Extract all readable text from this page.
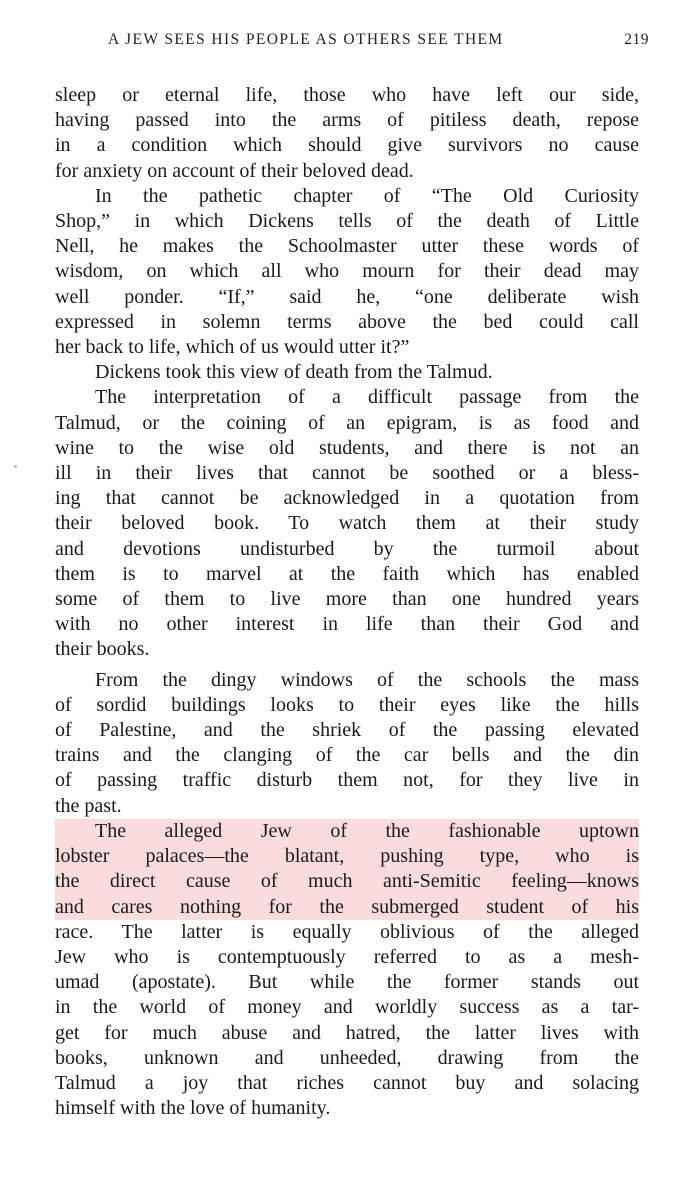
A JEW SEES HIS PEOPLE AS OTHERS SEE THEM	219

sleep or eternal life, those who have left our side,
having passed into the arms of pitiless death, repose
in a condition which should give survivors no cause
for anxiety on account of their beloved dead.

In the pathetic chapter of “The Old Curiosity
Shop,” in which Dickens tells of the death of Little
Nell, he makes the Schoolmaster utter these words of
wisdom, on which all who mourn for their dead may
well ponder. “If,” said he, “one deliberate wish
expressed in solemn terms above the bed could call
her back to life, which of us would utter it?”

Dickens took this view of death from the Talmud.

The interpretation of a difficult passage from the
Talmud, or the coining of an epigram, is as food and
wine to the wise old students, and there is not an
ill in their lives that cannot be soothed or a bless-
ing that cannot be acknowledged in a quotation from
their beloved book. To watch them at their study
and devotions undisturbed by the turmoil about
them is to marvel at the faith which has enabled
some of them to live more than one hundred years
with no other interest in life than their God and
their books.

From the dingy windows of the schools the mass
of sordid buildings looks to their eyes like the hills
of Palestine, and the shriek of the passing elevated
trains and the clanging of the car bells and the din
of passing traffic disturb them not, for they live in
the past.

The alleged Jew of the fashionable uptown
lobster palaces—the blatant, pushing type, who is
the direct cause of much anti-Semitic feeling—knows
and cares nothing for the submerged student of his
race. The latter is equally oblivious of the alleged
Jew who is contemptuously referred to as a mesh-
umad (apostate). But while the former stands out
in the world of money and worldly success as a tar-
get for much abuse and hatred, the latter lives with
books, unknown and unheeded, drawing from the
Talmud a joy that riches cannot buy and solacing
himself with the love of humanity.
